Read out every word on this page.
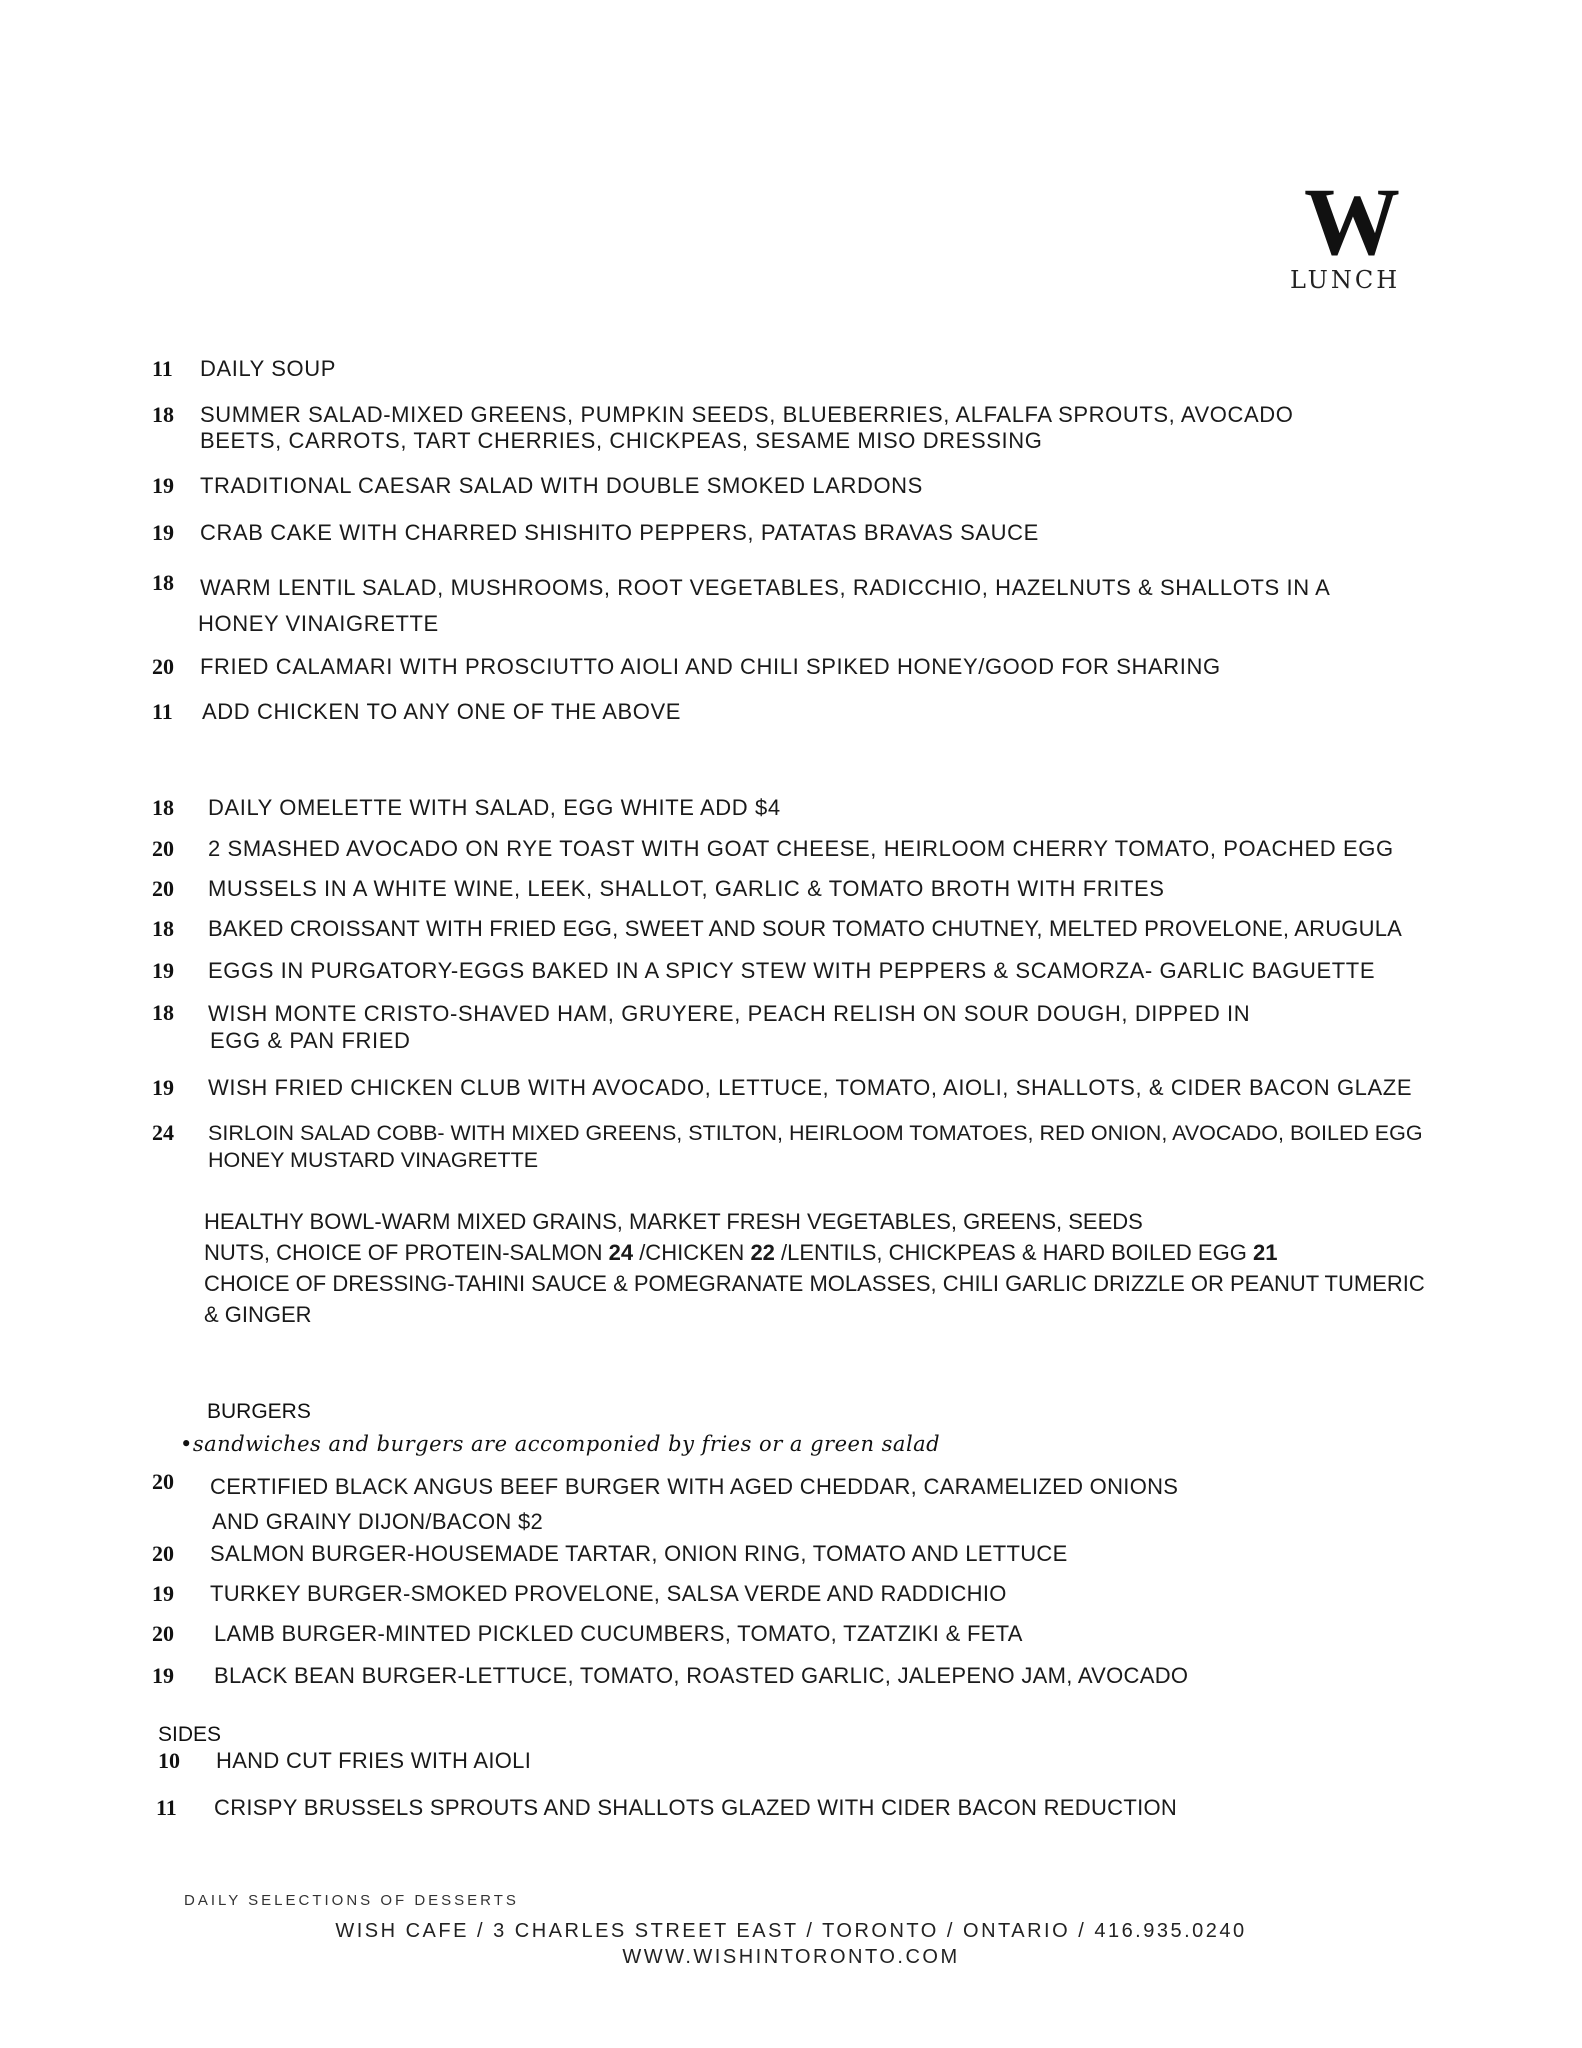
W
LUNCH
11 DAILY SOUP
18 SUMMER SALAD-MIXED GREENS, PUMPKIN SEEDS, BLUEBERRIES, ALFALFA SPROUTS, AVOCADO
BEETS, CARROTS, TART CHERRIES, CHICKPEAS, SESAME MISO DRESSING
19 TRADITIONAL CAESAR SALAD WITH DOUBLE SMOKED LARDONS
19 CRAB CAKE WITH CHARRED SHISHITO PEPPERS, PATATAS BRAVAS SAUCE
18 WARM LENTIL SALAD, MUSHROOMS, ROOT VEGETABLES, RADICCHIO, HAZELNUTS & SHALLOTS IN A
HONEY VINAIGRETTE
20 FRIED CALAMARI WITH PROSCIUTTO AIOLI AND CHILI SPIKED HONEY/GOOD FOR SHARING
11 ADD CHICKEN TO ANY ONE OF THE ABOVE
18 DAILY OMELETTE WITH SALAD, EGG WHITE ADD $4
20 2 SMASHED AVOCADO ON RYE TOAST WITH GOAT CHEESE, HEIRLOOM CHERRY TOMATO, POACHED EGG
20 MUSSELS IN A WHITE WINE, LEEK, SHALLOT, GARLIC & TOMATO BROTH WITH FRITES
18 BAKED CROISSANT WITH FRIED EGG, SWEET AND SOUR TOMATO CHUTNEY, MELTED PROVELONE, ARUGULA
19 EGGS IN PURGATORY-EGGS BAKED IN A SPICY STEW WITH PEPPERS & SCAMORZA- GARLIC BAGUETTE
18 WISH MONTE CRISTO-SHAVED HAM, GRUYERE, PEACH RELISH ON SOUR DOUGH, DIPPED IN
EGG & PAN FRIED
19 WISH FRIED CHICKEN CLUB WITH AVOCADO, LETTUCE, TOMATO, AIOLI, SHALLOTS, & CIDER BACON GLAZE
24 SIRLOIN SALAD COBB- WITH MIXED GREENS, STILTON, HEIRLOOM TOMATOES, RED ONION, AVOCADO, BOILED EGG
HONEY MUSTARD VINAGRETTE
HEALTHY BOWL-WARM MIXED GRAINS, MARKET FRESH VEGETABLES, GREENS, SEEDS
NUTS, CHOICE OF PROTEIN-SALMON 24 /CHICKEN 22 /LENTILS, CHICKPEAS & HARD BOILED EGG 21
CHOICE OF DRESSING-TAHINI SAUCE & POMEGRANATE MOLASSES, CHILI GARLIC DRIZZLE OR PEANUT TUMERIC
& GINGER
BURGERS
•sandwiches and burgers are accomponied by fries or a green salad
20 CERTIFIED BLACK ANGUS BEEF BURGER WITH AGED CHEDDAR, CARAMELIZED ONIONS
AND GRAINY DIJON/BACON $2
20 SALMON BURGER-HOUSEMADE TARTAR, ONION RING, TOMATO AND LETTUCE
19 TURKEY BURGER-SMOKED PROVELONE, SALSA VERDE AND RADDICHIO
20 LAMB BURGER-MINTED PICKLED CUCUMBERS, TOMATO, TZATZIKI & FETA
19 BLACK BEAN BURGER-LETTUCE, TOMATO, ROASTED GARLIC, JALEPENO JAM, AVOCADO
SIDES
10 HAND CUT FRIES WITH AIOLI
11 CRISPY BRUSSELS SPROUTS AND SHALLOTS GLAZED WITH CIDER BACON REDUCTION
DAILY SELECTIONS OF DESSERTS
WISH CAFE / 3 CHARLES STREET EAST / TORONTO / ONTARIO / 416.935.0240
WWW.WISHINTORONTO.COM
